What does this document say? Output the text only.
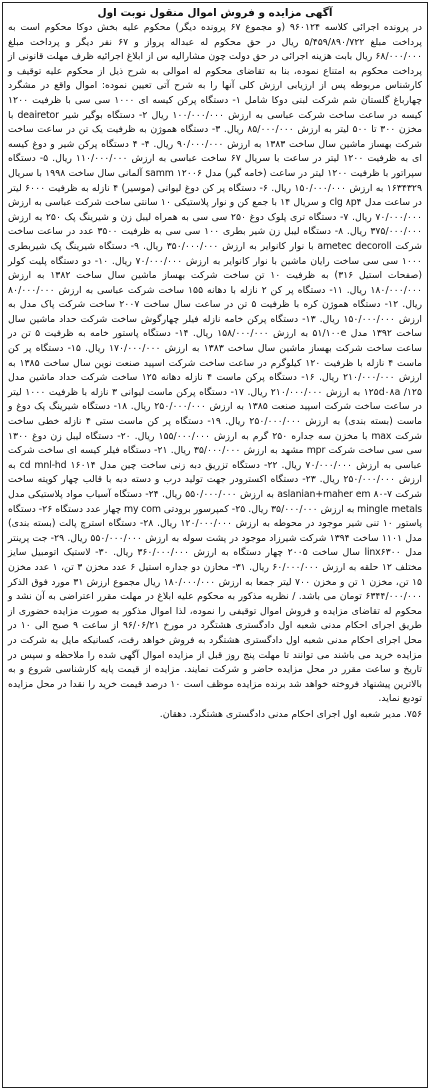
آگهی مزایده و فروش اموال منقول نوبت اول

در پرونده اجرائی کلاسه ۹۶۰۱۲۴ (و مجموع ۶۷ پرونده دیگر) محکوم علیه بخش دوکا محکوم است به پرداخت مبلغ ۵/۴۵۹/۸۹۰/۷۲۲ ریال در حق محکوم له عبداله پرواز و ۶۷ نفر دیگر و پرداخت مبلغ ۶۸/۰۰۰/۰۰۰ ریال بابت هزینه اجرائی در حق دولت چون مشارالیه س از ابلاغ اجرائیه ظرف مهلت قانونی از پرداخت محکوم به امتناع نموده، بنا به تقاضای محکوم له اموالی به شرح ذیل از محکوم علیه توقیف و کارشناس مربوطه پس از ارزیابی ارزش کلی آنها را به شرح آتی تعیین نموده: اموال واقع در مشگرد چهارباغ گلستان شم شرکت لبنی دوکا شامل ۱- دستگاه پرکن کیسه ای ۱۰۰۰ سی سی با ظرفیت ۱۲۰۰ کیسه در ساعت ساخت شرکت عباسی به ارزش ۱۰۰/۰۰۰/۰۰۰ ریال ۲- دستگاه بوگیر شیر deairetor با مخزن ۳۰۰ تا ۵۰۰ لیتر به ارزش ۸۵/۰۰۰/۰۰۰ ریال. ۳- دستگاه هموژن به ظرفیت یک تن در ساعت ساخت شرکت بهساز ماشین سال ساخت ۱۳۸۳ به ارزش ۹۰/۰۰۰/۰۰۰ ریال. ۴- ۴ دستگاه پرکن شیر و دوغ کیسه ای به ظرفیت ۱۲۰۰ لیتر در ساعت با سریال ۶۷ ساخت عباسی به ارزش ۱۱۰/۰۰۰/۰۰۰ ریال. ۵- دستگاه سپراتور با ظرفیت ۱۲۰۰ لیتر در ساعت (خامه گیر) مدل samm ۱۲۰۰۶ آلمانی سال ساخت ۱۹۹۸ با سریال ۱۶۳۴۳۲۹ به ارزش ۱۵۰/۰۰۰/۰۰۰ ریال. ۶- دستگاه پر کن دوغ لیوانی (موسیر) ۴ نازله به ظرفیت ۶۰۰۰ لیتر در ساعت مدل clg ۸p۴ و سریال ۱۴ با جمع کن و نوار پلاستیکی ۱۰ سانتی ساخت شرکت عباسی به ارزش ۷۰/۰۰۰/۰۰۰ ریال. ۷- دستگاه تری پلوک دوغ ۲۵۰ سی سی به همراه لیبل زن و شیرینگ پک ۲۵۰ به ارزش ۳۷۵/۰۰۰/۰۰۰ ریال. ۸- دستگاه لیبل زن شیر بطری ۱۰۰ سی سی به ظرفیت ۳۵۰۰ عدد در ساعت ساخت شرکت ametec decoroll با نوار کانوایر به ارزش ۳۵۰/۰۰۰/۰۰۰ ریال. ۹- دستگاه شیرینگ پک شیربطری ۱۰۰۰ سی سی ساخت رایان ماشین با نوار کانوایر به ارزش ۷۰/۰۰۰/۰۰۰ ریال. ۱۰- دو دستگاه پلیت کولر (صفحات استیل ۳۱۶) به ظرفیت ۱۰ تن ساخت شرکت بهساز ماشین سال ساخت ۱۳۸۲ به ارزش ۱۸۰/۰۰۰/۰۰۰ ریال. ۱۱- دستگاه پر کن ۲ نازله با دهانه ۱۵۵ ساخت شرکت عباسی به ارزش ۸۰/۰۰۰/۰۰۰ ریال. ۱۲- دستگاه هموژن کره با ظرفیت ۵ تن در ساعت سال ساخت ۲۰۰۷ ساخت شرکت پاک مدل به ارزش ۱۵۰/۰۰۰/۰۰۰ ریال. ۱۳- دستگاه پرکن خامه نازله فیلر چهارگوش ساخت شرکت حداد ماشین سال ساخت ۱۳۹۲ مدل ۵۱/۱۰۰e به ارزش ۱۵۸/۰۰۰/۰۰۰ ریال. ۱۴- دستگاه پاستور خامه به ظرفیت ۵ تن در ساعت ساخت شرکت بهساز ماشین سال ساخت ۱۳۸۳ به ارزش ۱۷۰/۰۰۰/۰۰۰ ریال. ۱۵- دستگاه پر کن ماست ۴ نازله با ظرفیت ۱۲۰ کیلوگرم در ساعت ساخت شرکت اسپید صنعت نوین سال ساخت ۱۳۸۵ به ارزش ۲۱۰/۰۰۰/۰۰۰ ریال. ۱۶- دستگاه پرکن ماست ۴ نازله دهانه ۱۲۵ ساخت شرکت حداد ماشین مدل ۱۲۵/ ۱۲۵d۰۸a به ارزش ۲۱۰/۰۰۰/۰۰۰ ریال. ۱۷- دستگاه پرکن ماست لیوانی ۳ نازله با ظرفیت ۱۰۰۰ لیتر در ساعت ساخت شرکت اسپید صنعت ۱۳۸۵ به ارزش ۲۵۰/۰۰۰/۰۰۰ ریال. ۱۸- دستگاه شیرینگ پک دوغ و ماست (بسته بندی) به ارزش ۲۵۰/۰۰۰/۰۰۰ ریال. ۱۹- دستگاه پر کن ماست ستی ۴ نازله خطی ساخت شرکت max با مخزن سه جداره ۲۵۰ گرم به ارزش ۱۵۵/۰۰۰/۰۰۰ ریال. ۲۰- دستگاه لیبل زن دوغ ۱۳۰۰ سی سی ساخت شرکت mpr مشهد به ارزش ۳۵/۰۰۰/۰۰۰ ریال. ۲۱- دستگاه فیلر کیسه ای ساخت شرکت عباسی به ارزش ۷۰/۰۰۰/۰۰۰ ریال. ۲۲- دستگاه تزریق دبه زنی ساخت چین مدل ۱۶۰۱۴ cd mnl-hd به ارزش ۲۵۰/۰۰۰/۰۰۰ ریال. ۲۳- دستگاه اکسترودر جهت تولید درب و دسته دبه با قالب چهار کویته ساخت شرکت aslanian+maher em ۸۰-۷ به ارزش ۵۵۰/۰۰۰/۰۰۰ ریال. ۲۴- دستگاه آسیاب مواد پلاستیکی مدل mingle metals به ارزش ۳۵/۰۰۰/۰۰۰ ریال. ۲۵- کمپرسور برودتی my com چهار عدد دستگاه ۲۶- دستگاه پاستور ۱۰ تنی شیر موجود در محوطه به ارزش ۱۲۰/۰۰۰/۰۰۰ ریال. ۲۸- دستگاه استرچ پالت (بسته بندی) مدل ۱۱۰۱ ساخت ۱۳۹۴ شرکت شیرزاد موجود در پشت سوله به ارزش ۵۵۰/۰۰۰/۰۰۰ ریال. ۲۹- جت پرینتر مدل linx۶۳۰۰ سال ساخت ۲۰۰۵ چهار دستگاه به ارزش ۳۶۰/۰۰۰/۰۰۰ ریال. ۳۰- لاستیک اتومبیل سایز مختلف ۱۲ حلقه به ارزش ۶۰/۰۰۰/۰۰۰ ریال. ۳۱- مخازن دو جداره استیل ۶ عدد مخزن ۳ تن، ۱ عدد مخزن ۱۵ تن، مخزن ۱ تن و مخزن ۷۰۰ لیتر جمعا به ارزش ۱۸۰/۰۰۰/۰۰۰ ریال مجموع ارزش ۳۱ مورد فوق الذکر ۶۳۴۴/۰۰۰/۰۰۰ تومان می باشد. / نظریه مذکور به محکوم علیه ابلاغ در مهلت مقرر اعتراضی به آن نشد و محکوم له تقاضای مزایده و فروش اموال توقیفی را نموده، لذا اموال مذکور به صورت مزایده حضوری از طریق اجرای احکام مدنی شعبه اول دادگستری هشتگرد در مورخ ۹۶/۰۶/۲۱ از ساعت ۹ صبح الی ۱۰ در محل اجرای احکام مدنی شعبه اول دادگستری هشتگرد به فروش خواهد رفت، کسانیکه مایل به شرکت در مزایده خرید می باشند می توانند تا مهلت پنج روز قبل از مزایده اموال آگهی شده را ملاحظه و سپس در تاریخ و ساعت مقرر در محل مزایده حاضر و شرکت نمایند. مزایده از قیمت پایه کارشناسی شروع و به بالاترین پیشنهاد فروخته خواهد شد برنده مزایده موظف است ۱۰ درصد قیمت خرید را نقدا در محل مزایده تودیع نماید.

۷۵۶. مدیر شعبه اول اجرای احکام مدنی دادگستری هشتگرد. دهقان.
